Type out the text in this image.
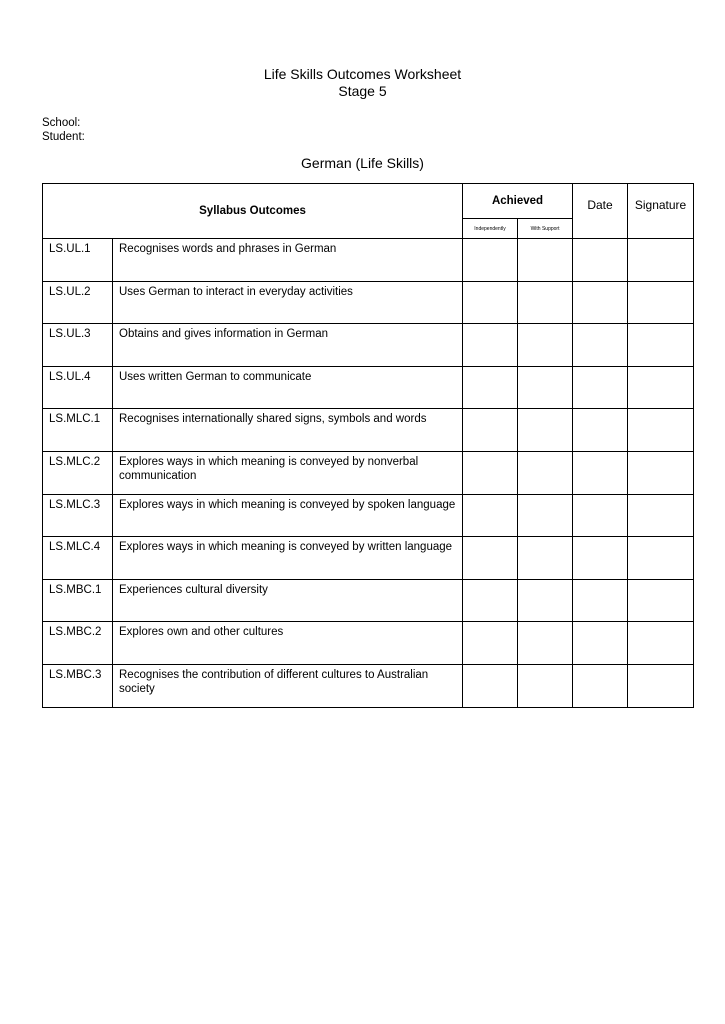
Life Skills Outcomes Worksheet
Stage 5
School:
Student:
German (Life Skills)
Syllabus Outcomes		Achieved		Date	Signature
		Independently	With Support		
LS.UL.1	Recognises words and phrases in German				
LS.UL.2	Uses German to interact in everyday activities				
LS.UL.3	Obtains and gives information in German				
LS.UL.4	Uses written German to communicate				
LS.MLC.1	Recognises internationally shared signs, symbols and words				
LS.MLC.2	Explores ways in which meaning is conveyed by nonverbal communication				
LS.MLC.3	Explores ways in which meaning is conveyed by spoken language				
LS.MLC.4	Explores ways in which meaning is conveyed by written language				
LS.MBC.1	Experiences cultural diversity				
LS.MBC.2	Explores own and other cultures				
LS.MBC.3	Recognises the contribution of different cultures to Australian society				
